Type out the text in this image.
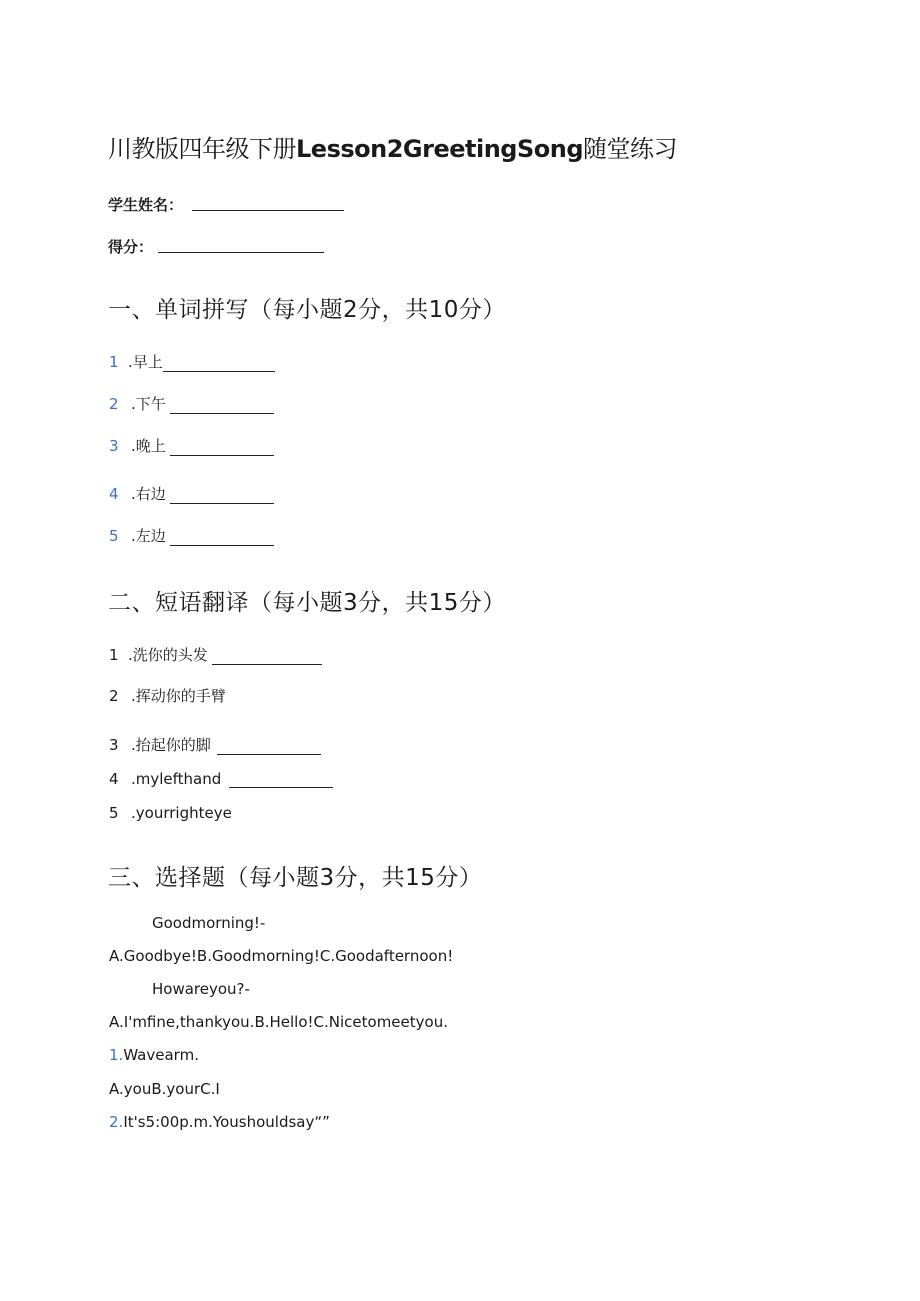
川教版四年级下册Lesson2GreetingSong随堂练习
学生姓名：
得分：
一、单词拼写（每小题2分，共10分）
1 .早上
2 .下午
3 .晚上
4 .右边
5 .左边
二、短语翻译（每小题3分，共15分）
1 .洗你的头发
2 .挥动你的手臂
3 .抬起你的脚
4 .mylefthand
5 .yourrighteye
三、选择题（每小题3分，共15分）
Goodmorning!-
A.Goodbye!B.Goodmorning!C.Goodafternoon!
Howareyou?-
A.I'mfine,thankyou.B.Hello!C.Nicetomeetyou.
1.Wavearm.
A.youB.yourC.I
2.It's5:00p.m.Youshouldsay“”
